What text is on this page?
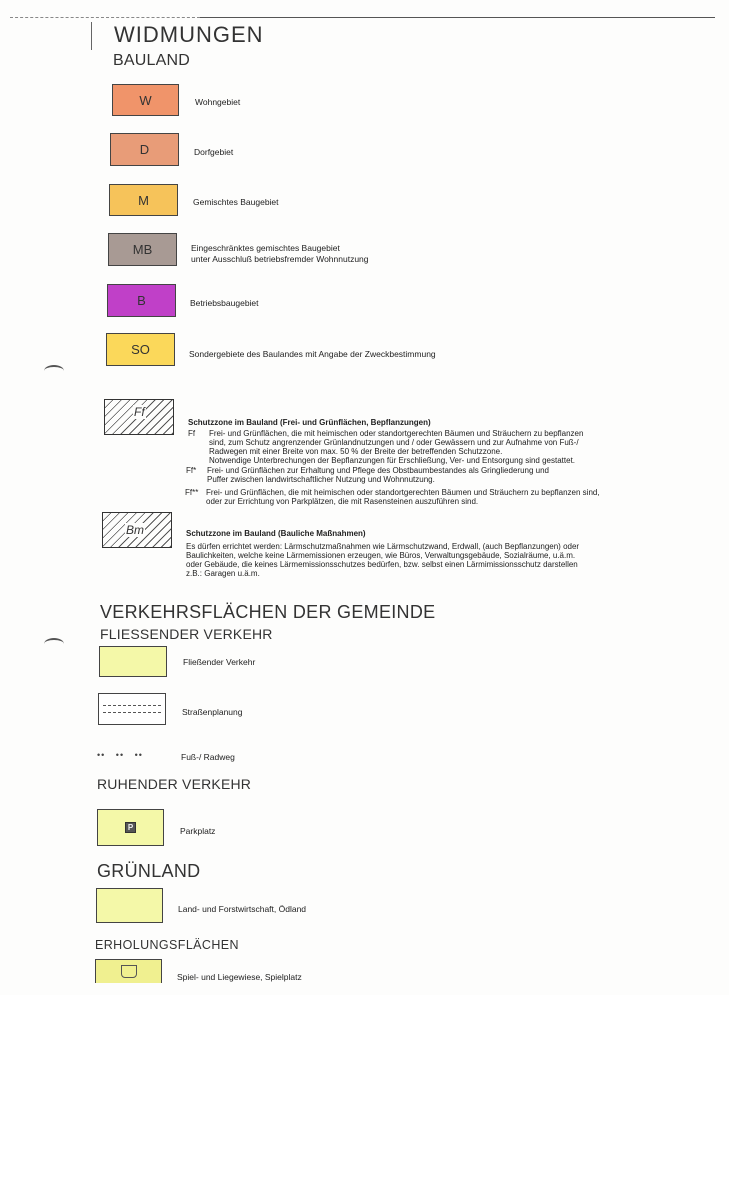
WIDMUNGEN
BAULAND
W	Wohngebiet
D	Dorfgebiet
M	Gemischtes Baugebiet
MB	Eingeschränktes gemischtes Baugebiet
unter Ausschluß betriebsfremder Wohnnutzung
B	Betriebsbaugebiet
SO	Sondergebiete des Baulandes mit Angabe der Zweckbestimmung
Ff
Schutzzone im Bauland (Frei- und Grünflächen, Bepflanzungen)
Ff Frei- und Grünflächen, die mit heimischen oder standortgerechten Bäumen und Sträuchern zu bepflanzen
sind, zum Schutz angrenzender Grünlandnutzungen und / oder Gewässern und zur Aufnahme von Fuß-/
Radwegen mit einer Breite von max. 50 % der Breite der betreffenden Schutzzone.
Notwendige Unterbrechungen der Bepflanzungen für Erschließung, Ver- und Entsorgung sind gestattet.
Ff* Frei- und Grünflächen zur Erhaltung und Pflege des Obstbaumbestandes als Gringliederung und
Puffer zwischen landwirtschaftlicher Nutzung und Wohnnutzung.
Ff** Frei- und Grünflächen, die mit heimischen oder standortgerechten Bäumen und Sträuchern zu bepflanzen sind,
oder zur Errichtung von Parkplätzen, die mit Rasensteinen auszuführen sind.
Bm	Schutzzone im Bauland (Bauliche Maßnahmen)
Es dürfen errichtet werden: Lärmschutzmaßnahmen wie Lärmschutzwand, Erdwall, (auch Bepflanzungen) oder
Baulichkeiten, welche keine Lärmemissionen erzeugen, wie Büros, Verwaltungsgebäude, Sozialräume, u.ä.m.
oder Gebäude, die keines Lärmemissionsschutzes bedürfen, bzw. selbst einen Lärmimissionsschutz darstellen
z.B.: Garagen u.ä.m.
VERKEHRSFLÄCHEN DER GEMEINDE
FLIESSENDER VERKEHR
Fließender Verkehr
Straßenplanung
••   ••   ••	Fuß-/ Radweg
RUHENDER VERKEHR
P	Parkplatz
GRÜNLAND
Land- und Forstwirtschaft, Ödland
ERHOLUNGSFLÄCHEN
Spiel- und Liegewiese, Spielplatz
